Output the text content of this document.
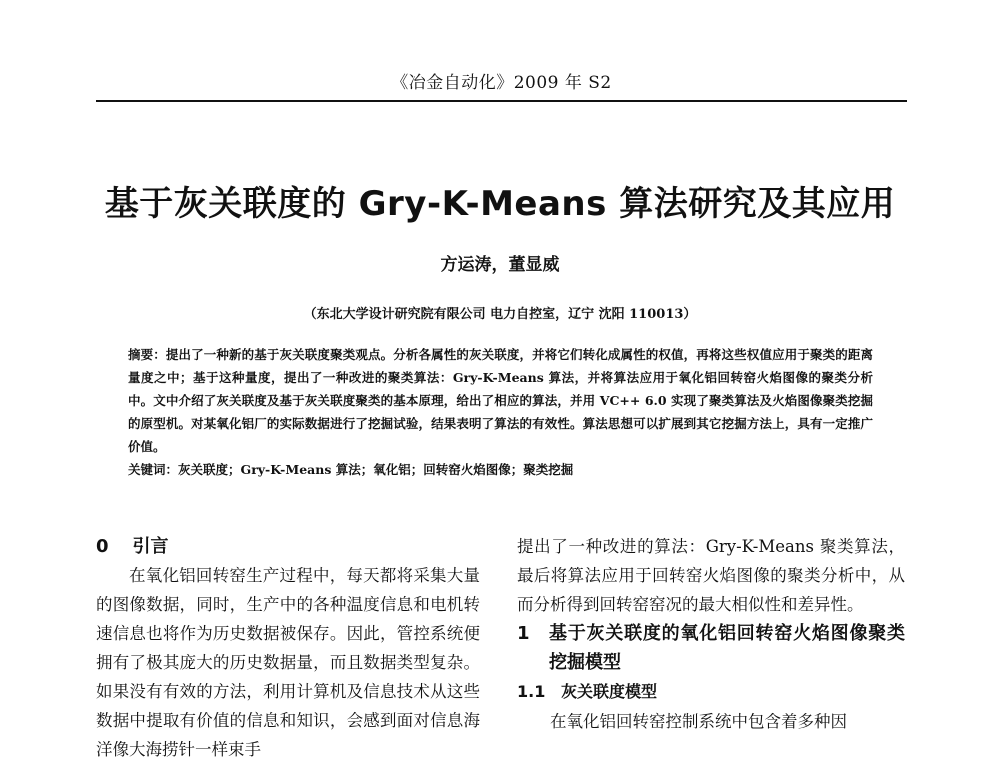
《冶金自动化》2009 年 S2
基于灰关联度的 Gry-K-Means 算法研究及其应用
方运涛，董显威
（东北大学设计研究院有限公司 电力自控室，辽宁 沈阳 110013）

摘要：提出了一种新的基于灰关联度聚类观点。分析各属性的灰关联度，并将它们转化成属性的权值，再将这些权值应用于聚类的距离量度之中；基于这种量度，提出了一种改进的聚类算法：Gry-K-Means 算法，并将算法应用于氧化铝回转窑火焰图像的聚类分析中。文中介绍了灰关联度及基于灰关联度聚类的基本原理，给出了相应的算法，并用 VC++ 6.0 实现了聚类算法及火焰图像聚类挖掘的原型机。对某氧化铝厂的实际数据进行了挖掘试验，结果表明了算法的有效性。算法思想可以扩展到其它挖掘方法上，具有一定推广价值。

关键词：灰关联度；Gry-K-Means 算法；氧化铝；回转窑火焰图像；聚类挖掘

0 引言

在氧化铝回转窑生产过程中，每天都将采集大量的图像数据，同时，生产中的各种温度信息和电机转速信息也将作为历史数据被保存。因此，管控系统便拥有了极其庞大的历史数据量，而且数据类型复杂。如果没有有效的方法，利用计算机及信息技术从这些数据中提取有价值的信息和知识，会感到面对信息海洋像大海捞针一样束手

提出了一种改进的算法：Gry-K-Means 聚类算法，最后将算法应用于回转窑火焰图像的聚类分析中，从而分析得到回转窑窑况的最大相似性和差异性。

1	基于灰关联度的氧化铝回转窑火焰图像聚类挖掘模型
1.1 灰关联度模型

在氧化铝回转窑控制系统中包含着多种因
